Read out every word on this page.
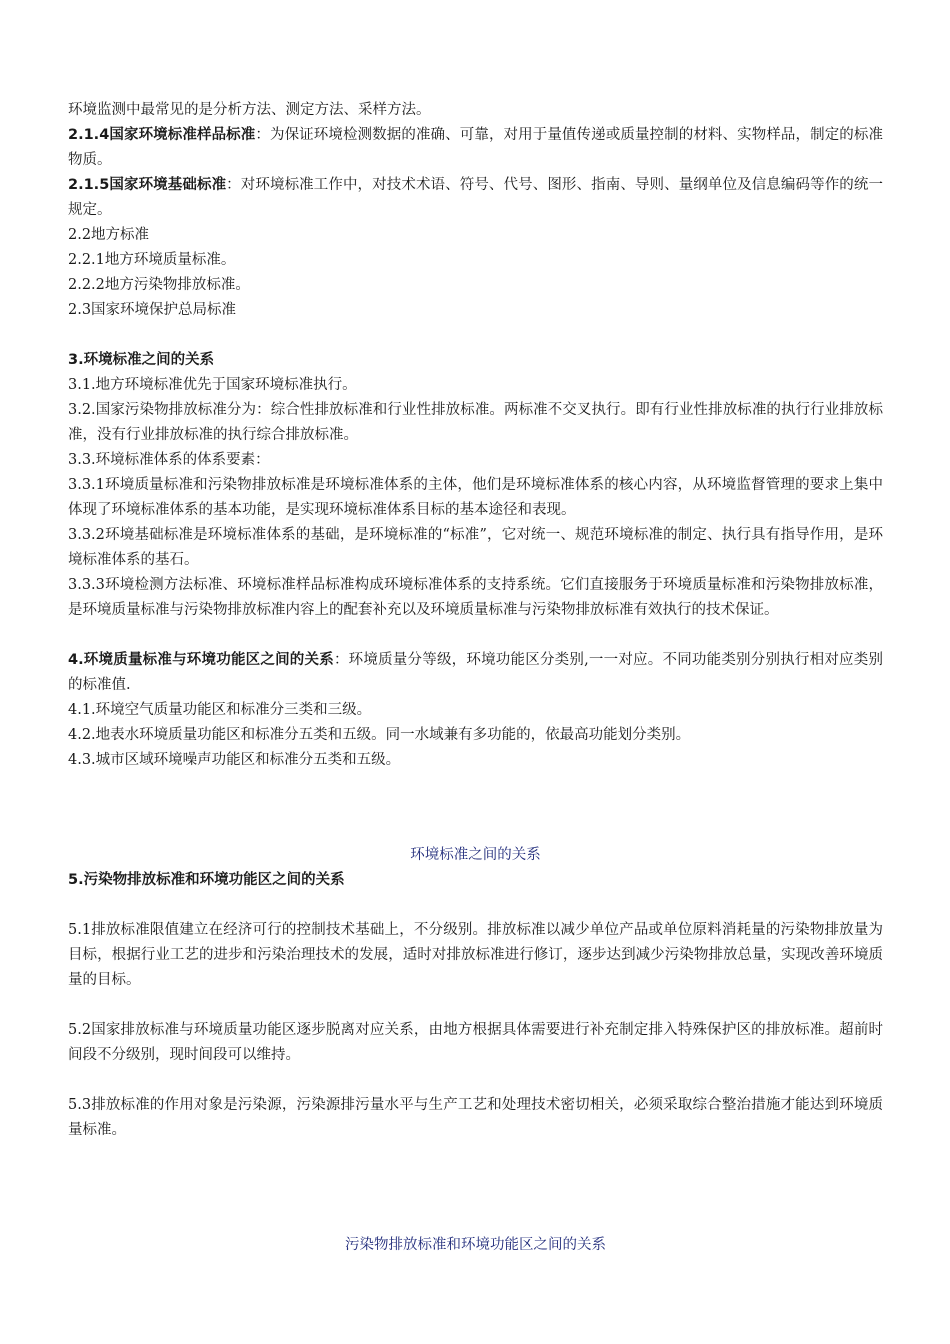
环境监测中最常见的是分析方法、测定方法、采样方法。
2.1.4国家环境标准样品标准：为保证环境检测数据的准确、可靠，对用于量值传递或质量控制的材料、实物样品，制定的标准物质。
2.1.5国家环境基础标准：对环境标准工作中，对技术术语、符号、代号、图形、指南、导则、量纲单位及信息编码等作的统一规定。
2.2地方标准
2.2.1地方环境质量标准。
2.2.2地方污染物排放标准。
2.3国家环境保护总局标准
3.环境标准之间的关系
3.1.地方环境标准优先于国家环境标准执行。
3.2.国家污染物排放标准分为：综合性排放标准和行业性排放标准。两标准不交叉执行。即有行业性排放标准的执行行业排放标准，没有行业排放标准的执行综合排放标准。
3.3.环境标准体系的体系要素：
3.3.1环境质量标准和污染物排放标准是环境标准体系的主体，他们是环境标准体系的核心内容，从环境监督管理的要求上集中体现了环境标准体系的基本功能，是实现环境标准体系目标的基本途径和表现。
3.3.2环境基础标准是环境标准体系的基础，是环境标准的“标准”，它对统一、规范环境标准的制定、执行具有指导作用，是环境标准体系的基石。
3.3.3环境检测方法标准、环境标准样品标准构成环境标准体系的支持系统。它们直接服务于环境质量标准和污染物排放标准，是环境质量标准与污染物排放标准内容上的配套补充以及环境质量标准与污染物排放标准有效执行的技术保证。
4.环境质量标准与环境功能区之间的关系：环境质量分等级，环境功能区分类别,一一对应。不同功能类别分别执行相对应类别的标准值.
4.1.环境空气质量功能区和标准分三类和三级。
4.2.地表水环境质量功能区和标准分五类和五级。同一水域兼有多功能的，依最高功能划分类别。
4.3.城市区域环境噪声功能区和标准分五类和五级。
环境标准之间的关系
5.污染物排放标准和环境功能区之间的关系
5.1排放标准限值建立在经济可行的控制技术基础上，不分级别。排放标准以减少单位产品或单位原料消耗量的污染物排放量为目标，根据行业工艺的进步和污染治理技术的发展，适时对排放标准进行修订，逐步达到减少污染物排放总量，实现改善环境质量的目标。
5.2国家排放标准与环境质量功能区逐步脱离对应关系，由地方根据具体需要进行补充制定排入特殊保护区的排放标准。超前时间段不分级别，现时间段可以维持。
5.3排放标准的作用对象是污染源，污染源排污量水平与生产工艺和处理技术密切相关，必须采取综合整治措施才能达到环境质量标准。
污染物排放标准和环境功能区之间的关系
